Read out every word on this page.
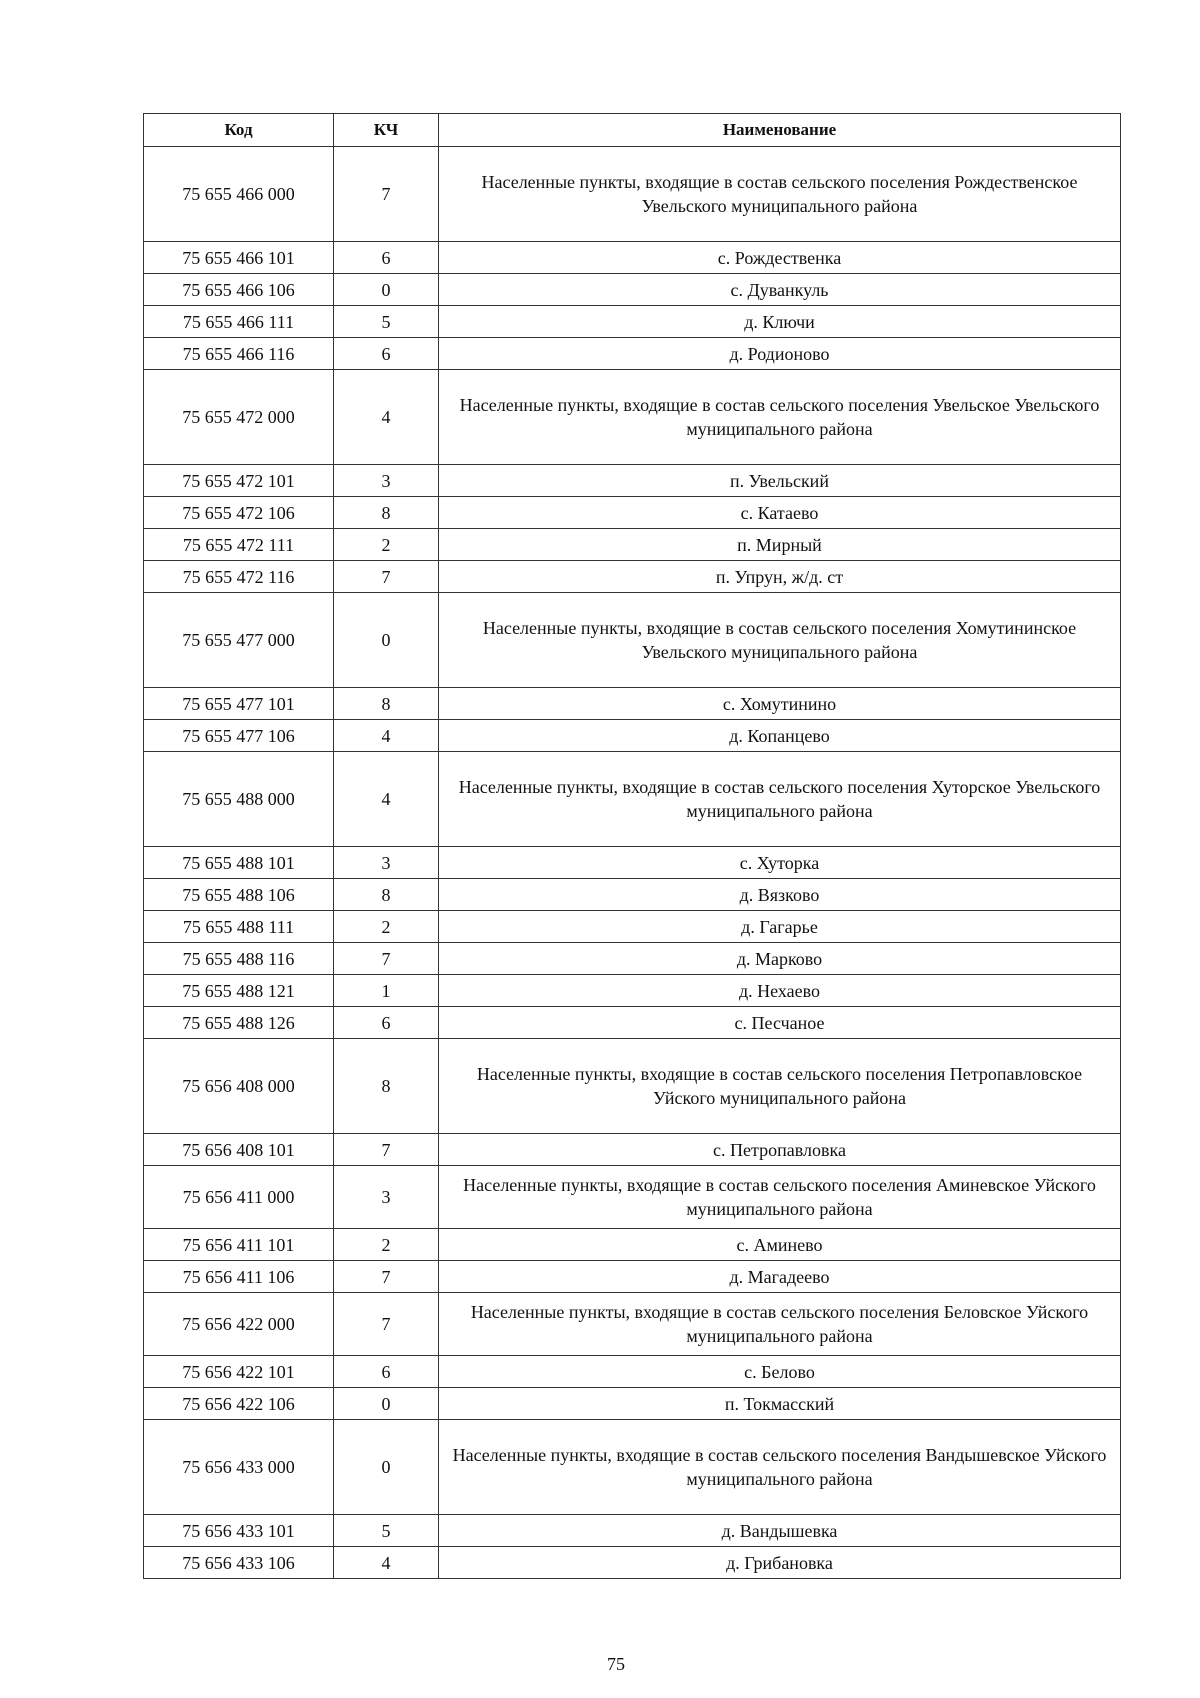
Код	КЧ	Наименование
75 655 466 000	7	Населенные пункты, входящие в состав сельского поселения Рождественское Увельского муниципального района
75 655 466 101	6	с. Рождественка
75 655 466 106	0	с. Дуванкуль
75 655 466 111	5	д. Ключи
75 655 466 116	6	д. Родионово
75 655 472 000	4	Населенные пункты, входящие в состав сельского поселения Увельское Увельского муниципального района
75 655 472 101	3	п. Увельский
75 655 472 106	8	с. Катаево
75 655 472 111	2	п. Мирный
75 655 472 116	7	п. Упрун, ж/д. ст
75 655 477 000	0	Населенные пункты, входящие в состав сельского поселения Хомутининское Увельского муниципального района
75 655 477 101	8	с. Хомутинино
75 655 477 106	4	д. Копанцево
75 655 488 000	4	Населенные пункты, входящие в состав сельского поселения Хуторское Увельского муниципального района
75 655 488 101	3	с. Хуторка
75 655 488 106	8	д. Вязково
75 655 488 111	2	д. Гагарье
75 655 488 116	7	д. Марково
75 655 488 121	1	д. Нехаево
75 655 488 126	6	с. Песчаное
75 656 408 000	8	Населенные пункты, входящие в состав сельского поселения Петропавловское Уйского муниципального района
75 656 408 101	7	с. Петропавловка
75 656 411 000	3	Населенные пункты, входящие в состав сельского поселения Аминевское Уйского муниципального района
75 656 411 101	2	с. Аминево
75 656 411 106	7	д. Магадеево
75 656 422 000	7	Населенные пункты, входящие в состав сельского поселения Беловское Уйского муниципального района
75 656 422 101	6	с. Белово
75 656 422 106	0	п. Токмасский
75 656 433 000	0	Населенные пункты, входящие в состав сельского поселения Вандышевское Уйского муниципального района
75 656 433 101	5	д. Вандышевка
75 656 433 106	4	д. Грибановка
75
